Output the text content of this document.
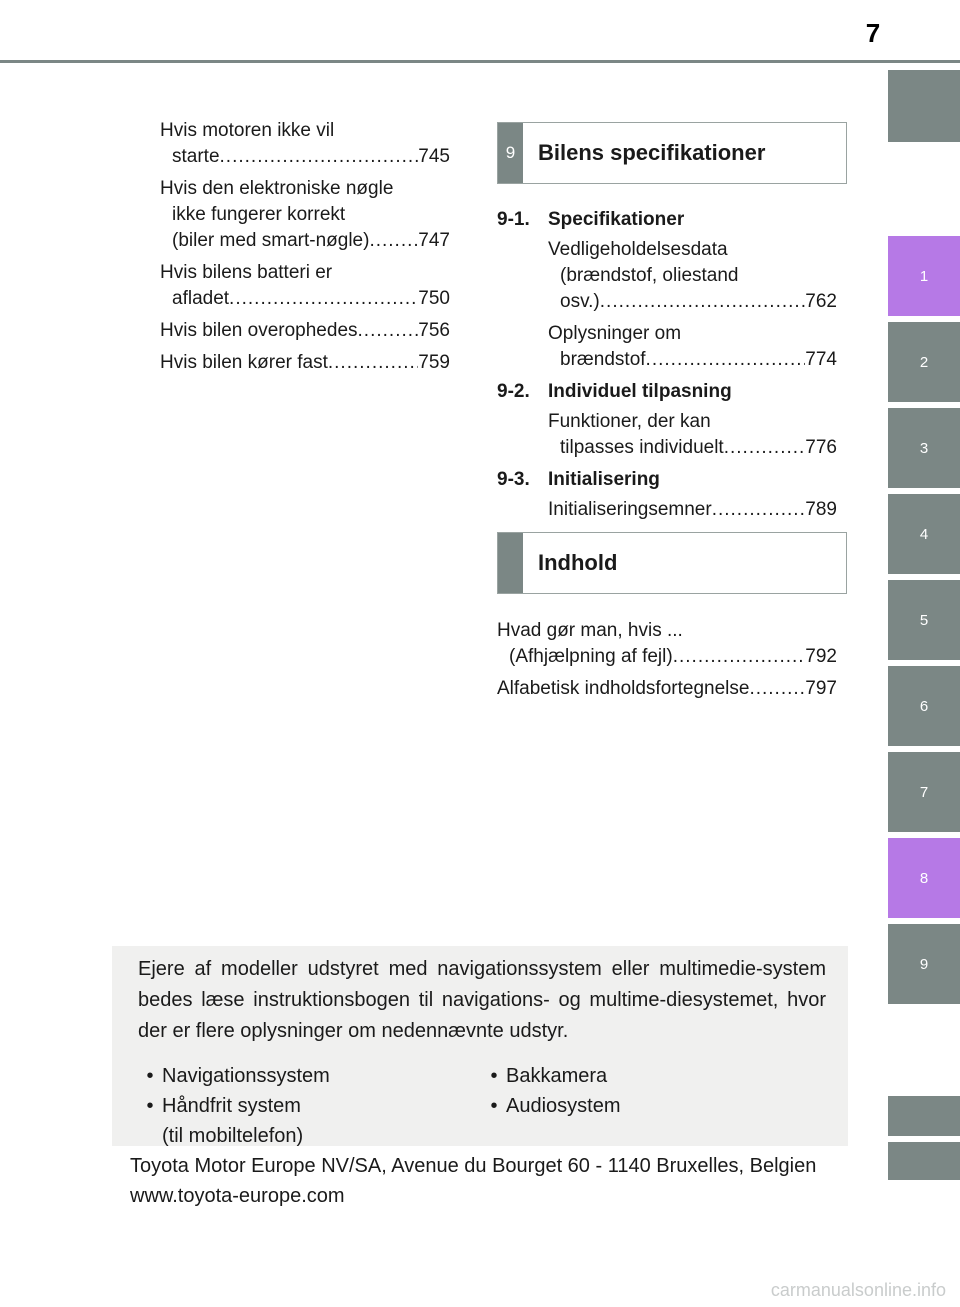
7
1
2
3
4
5
6
7
8
9
Hvis motoren ikke vil
starte .....	745
Hvis den elektroniske nøgle
ikke fungerer korrekt
(biler med smart-nøgle) .....	747
Hvis bilens batteri er
afladet .....	750
Hvis bilen overophedes .....	756
Hvis bilen kører fast .....	759
9	Bilens specifikationer
9-1. Specifikationer
Vedligeholdelsesdata
(brændstof, oliestand
osv.) .....	762
Oplysninger om
brændstof .....	774
9-2. Individuel tilpasning
Funktioner, der kan
tilpasses individuelt .....	776
9-3. Initialisering
Initialiseringsemner .....	789
Indhold
Hvad gør man, hvis ...
(Afhjælpning af fejl) .....	792
Alfabetisk indholdsfortegnelse .....	797
Ejere af modeller udstyret med navigationssystem eller multimedie-system bedes læse instruktionsbogen til navigations- og multime-diesystemet, hvor der er flere oplysninger om nedennævnte udstyr.
• Navigationssystem
• Håndfrit system
(til mobiltelefon)
• Bakkamera
• Audiosystem
Toyota Motor Europe NV/SA, Avenue du Bourget 60 - 1140 Bruxelles, Belgien www.toyota-europe.com
carmanualsonline.info
